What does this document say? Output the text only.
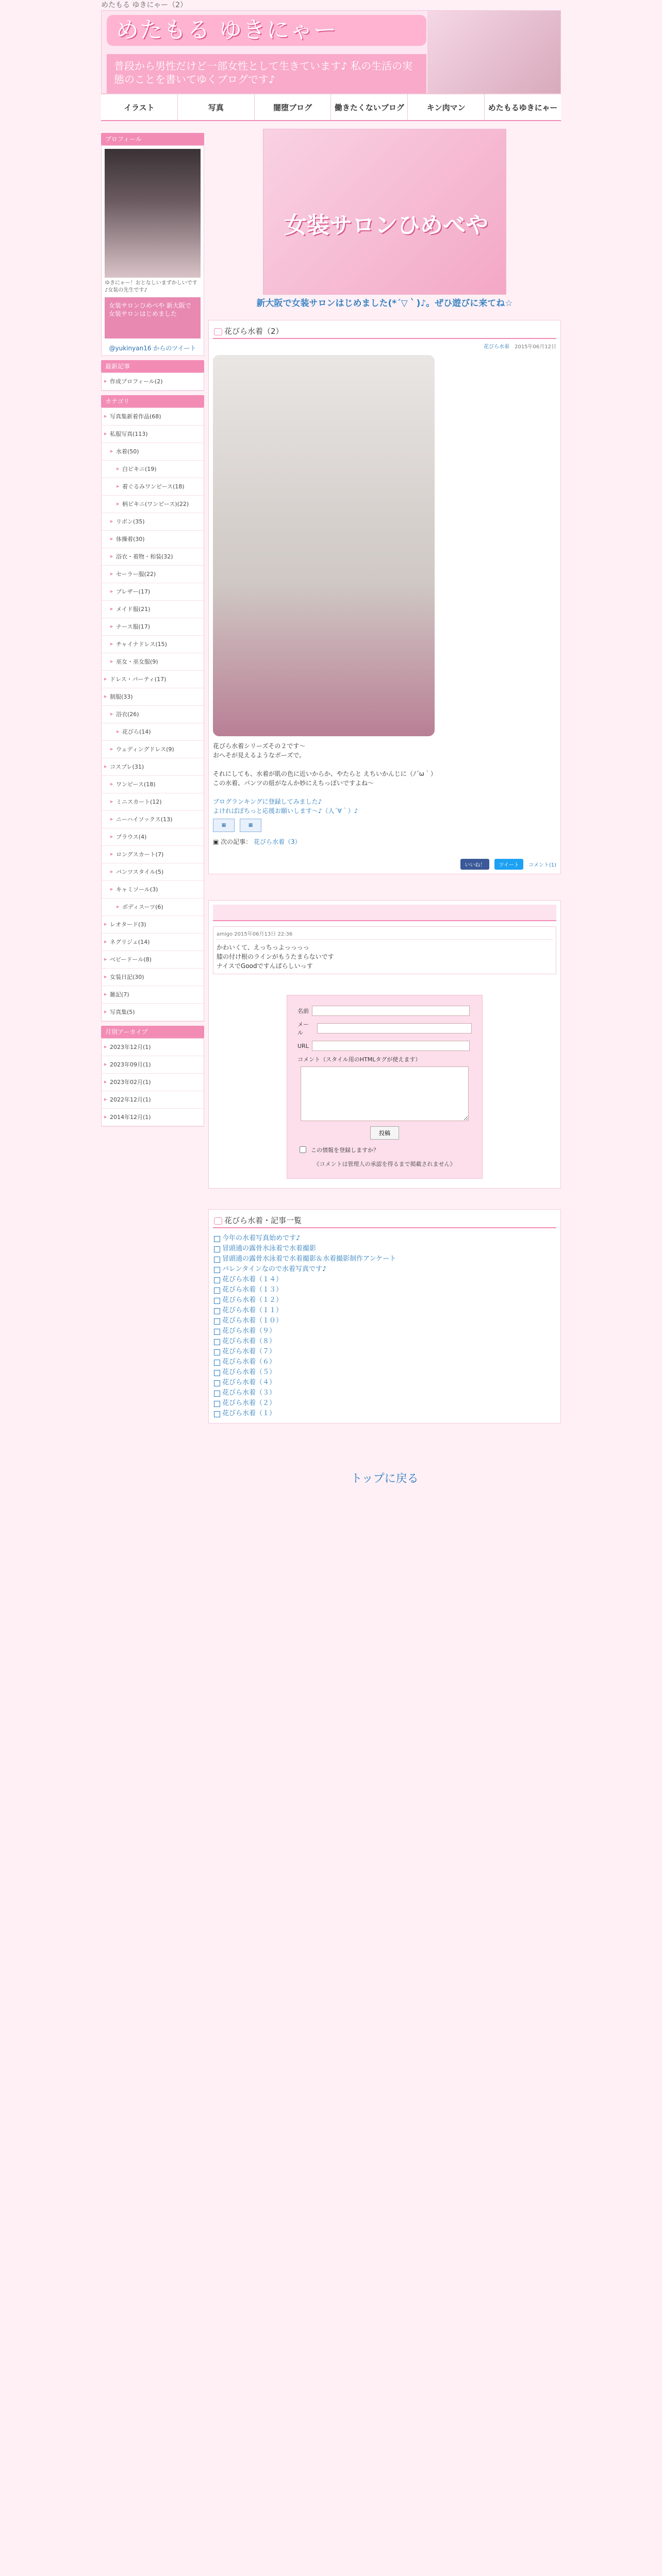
めたもる ゆきにゃー（2）
めたもる ゆきにゃー
普段から男性だけど一部女性として生きています♪ 私の生活の実態のことを書いてゆくブログです♪
イラスト	写真	闇堕ブログ	働きたくないブログ	キン肉マン	めたもるゆきにゃー
プロフィール
ゆきにゃー！おとなしいまずかしいです♪女装の先生です♪
女装サロンひめべや 新大阪で女装サロンはじめました
@yukinyan16 からのツイート
最新記事
▶ 作成プロフィール(2)
カテゴリ
▶ 写真集新着作品(68)
▶ 私服写真(113)
▶ 水着(50)
▶ 白ビキニ(19)
▶ 着ぐるみワンピース(18)
▶ 柄ビキニ(ワンピース)(22)
▶ リボン(35)
▶ 体操着(30)
▶ 浴衣・着物・和装(32)
▶ セーラー服(22)
▶ ブレザー(17)
▶ メイド服(21)
▶ ナース服(17)
▶ チャイナドレス(15)
▶ 巫女・巫女服(9)
▶ ドレス・パーティ(17)
▶ 制服(33)
▶ 浴衣(26)
▶ 花びら(14)
▶ ウェディングドレス(9)
▶ コスプレ(31)
▶ ワンピース(18)
▶ ミニスカート(12)
▶ ニーハイソックス(13)
▶ ブラウス(4)
▶ ロングスカート(7)
▶ パンツスタイル(5)
▶ キャミソール(3)
▶ ボディスーツ(6)
▶ レオタード(3)
▶ ネグリジェ(14)
▶ ベビードール(8)
▶ 女装日記(30)
▶ 雑記(7)
▶ 写真集(5)
月別アーカイブ
▶ 2023年12月(1)
▶ 2023年09月(1)
▶ 2023年02月(1)
▶ 2022年12月(1)
▶ 2014年12月(1)
女装サロンひめべや
新大阪で女装サロンはじめました(*´▽｀)♪。ぜひ遊びに来てね☆
花びら水着（2）
花びら水着　 2015年06月12日
花びら水着シリーズその２です〜
おへそが見えるようなポーズで。

それにしても、水着が肌の色に近いからか、やたらと えちいかんじに（ﾉ´ω｀）
この水着、パンツの紐がなんか妙にえちっぽいですよね〜

ブログランキングに登録してみました♪
よければぽちっと応援お願いします〜♪（人´∀｀）♪
▦	▦
▣ 次の記事： 花びら水着（3）
いいね！	ツイート	コメント(1)
amigo 2015年06月13日 22:36
かわいくて、えっちっよっっっっ
膝の付け根のラインがもうたまらないです
ナイスでGoodですんばらしいっす
名前
メール
URL
コメント（スタイル用のHTMLタグが使えます）
投稿
この情報を登録しますか？
《コメントは管理人の承認を得るまで掲載されません》
花びら水着・記事一覧
今年の水着写真始めです♪
冒頭通の露骨水泳着で水着撮影
冒頭通の露骨水泳着で水着撮影＆水着撮影制作アンケート
バレンタインなので水着写真です♪
花びら水着（１４）
花びら水着（１３）
花びら水着（１２）
花びら水着（１１）
花びら水着（１０）
花びら水着（９）
花びら水着（８）
花びら水着（７）
花びら水着（６）
花びら水着（５）
花びら水着（４）
花びら水着（３）
花びら水着（２）
花びら水着（１）
トップに戻る
